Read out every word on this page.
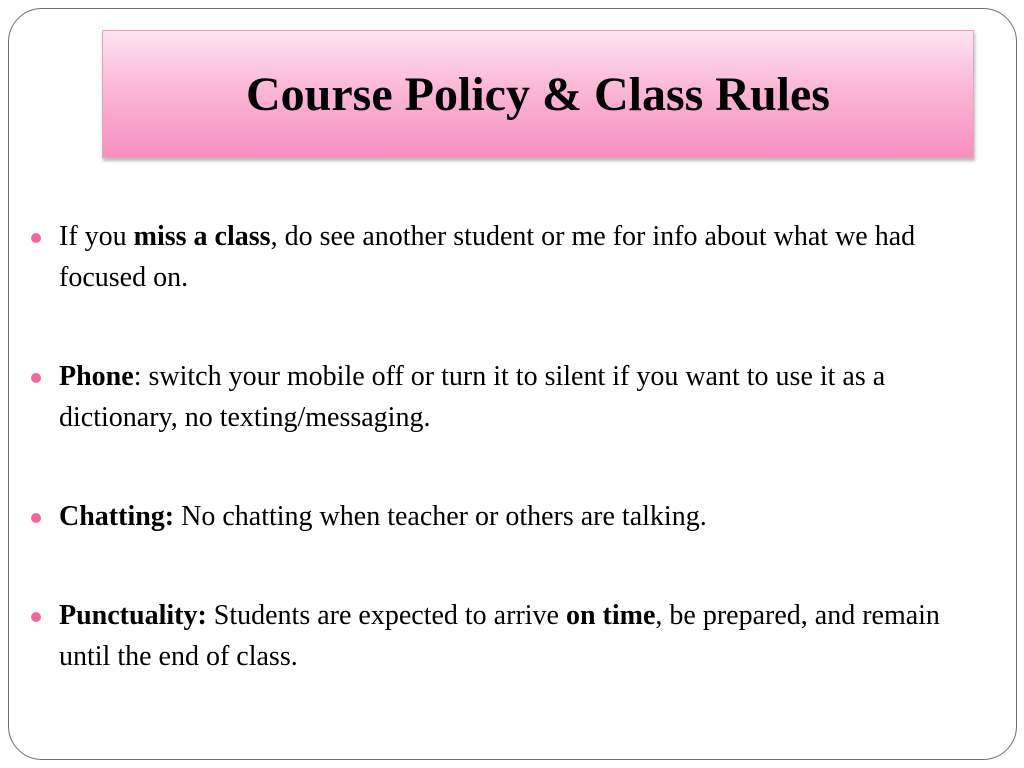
Course Policy & Class Rules
If you miss a class, do see another student or me for info about what we had focused on.
Phone: switch your mobile off or turn it to silent if you want to use it as a dictionary, no texting/messaging.
Chatting: No chatting when teacher or others are talking.
Punctuality: Students are expected to arrive on time, be prepared, and remain until the end of class.
